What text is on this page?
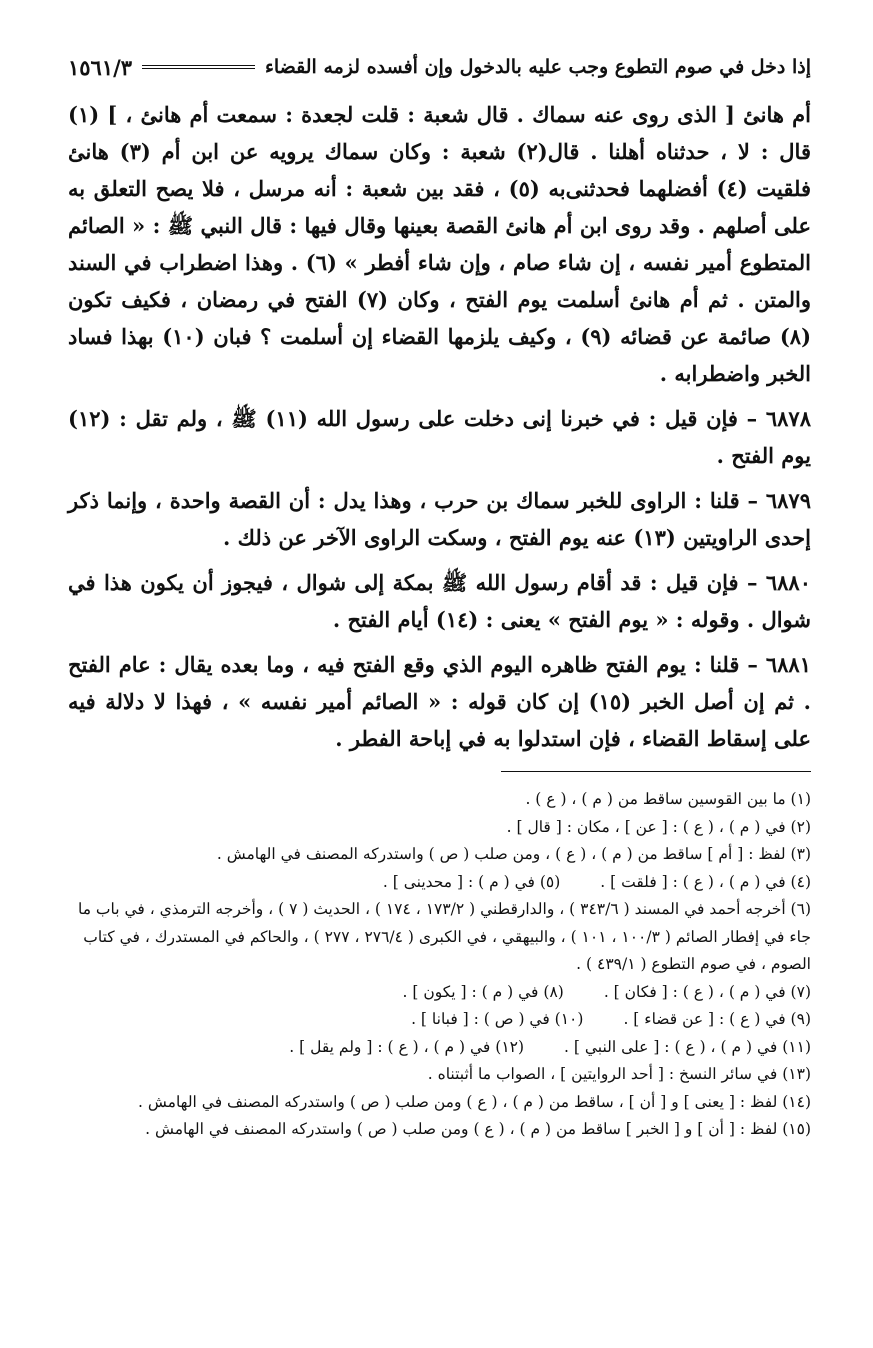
إذا دخل في صوم التطوع وجب عليه بالدخول وإن أفسده لزمه القضاء
١٥٦١/٣

أم هانئ [ الذى روى عنه سماك . قال شعبة : قلت لجعدة : سمعت أم هانئ ، ] (١) قال : لا ، حدثناه أهلنا . قال(٢) شعبة : وكان سماك يرويه عن ابن أم (٣) هانئ فلقيت (٤) أفضلهما فحدثنى‌به (٥) ، فقد بين شعبة : أنه مرسل ، فلا يصح التعلق به على أصلهم . وقد روى ابن أم هانئ القصة بعينها وقال فيها : قال النبي ﷺ : « الصائم المتطوع أمير نفسه ، إن شاء صام ، وإن شاء أفطر » (٦) . وهذا اضطراب في السند والمتن . ثم أم هانئ أسلمت يوم الفتح ، وكان (٧) الفتح في رمضان ، فكيف تكون (٨) صائمة عن قضائه (٩) ، وكيف يلزمها القضاء إن أسلمت ؟ فبان (١٠) بهذا فساد الخبر واضطرابه .

٦٨٧٨ – فإن قيل : في خبرنا إنى دخلت على رسول الله (١١) ﷺ ، ولم تقل : (١٢) يوم الفتح .

٦٨٧٩ – قلنا : الراوى للخبر سماك بن حرب ، وهذا يدل : أن القصة واحدة ، وإنما ذكر إحدى الراويتين (١٣) عنه يوم الفتح ، وسكت الراوى الآخر عن ذلك .

٦٨٨٠ – فإن قيل : قد أقام رسول الله ﷺ بمكة إلى شوال ، فيجوز أن يكون هذا في شوال . وقوله : « يوم الفتح » يعنى : (١٤) أيام الفتح .

٦٨٨١ – قلنا : يوم الفتح ظاهره اليوم الذي وقع الفتح فيه ، وما بعده يقال : عام الفتح . ثم إن أصل الخبر (١٥) إن كان قوله : « الصائم أمير نفسه » ، فهذا لا دلالة فيه على إسقاط القضاء ، فإن استدلوا به في إباحة الفطر .

(١) ما بين القوسين ساقط من ( م ) ، ( ع ) .

(٢) في ( م ) ، ( ع ) : [ عن ] ، مكان : [ قال ] .

(٣) لفظ : [ أم ] ساقط من ( م ) ، ( ع ) ، ومن صلب ( ص ) واستدركه المصنف في الهامش .

(٤) في ( م ) ، ( ع ) : [ فلقت ] .
(٥) في ( م ) : [ محدينى ] .

(٦) أخرجه أحمد في المسند ( ٣٤٣/٦ ) ، والدارقطني ( ١٧٣/٢ ، ١٧٤ ) ، الحديث ( ٧ ) ، وأخرجه الترمذي ، في باب ما جاء في إفطار الصائم ( ١٠٠/٣ ، ١٠١ ) ، والبيهقي ، في الكبرى ( ٢٧٦/٤ ، ٢٧٧ ) ، والحاكم في المستدرك ، في كتاب الصوم ، في صوم التطوع ( ٤٣٩/١ ) .

(٧) في ( م ) ، ( ع ) : [ فكان ] .
(٨) في ( م ) : [ يكون ] .
(٩) في ( ع ) : [ عن قضاء ] .
(١٠) في ( ص ) : [ فبانا ] .
(١١) في ( م ) ، ( ع ) : [ على النبي ] .
(١٢) في ( م ) ، ( ع ) : [ ولم يقل ] .

(١٣) في سائر النسخ : [ أحد الروايتين ] ، الصواب ما أثبتناه .

(١٤) لفظ : [ يعنى ] و [ أن ] ، ساقط من ( م ) ، ( ع ) ومن صلب ( ص ) واستدركه المصنف في الهامش .

(١٥) لفظ : [ أن ] و [ الخبر ] ساقط من ( م ) ، ( ع ) ومن صلب ( ص ) واستدركه المصنف في الهامش .
